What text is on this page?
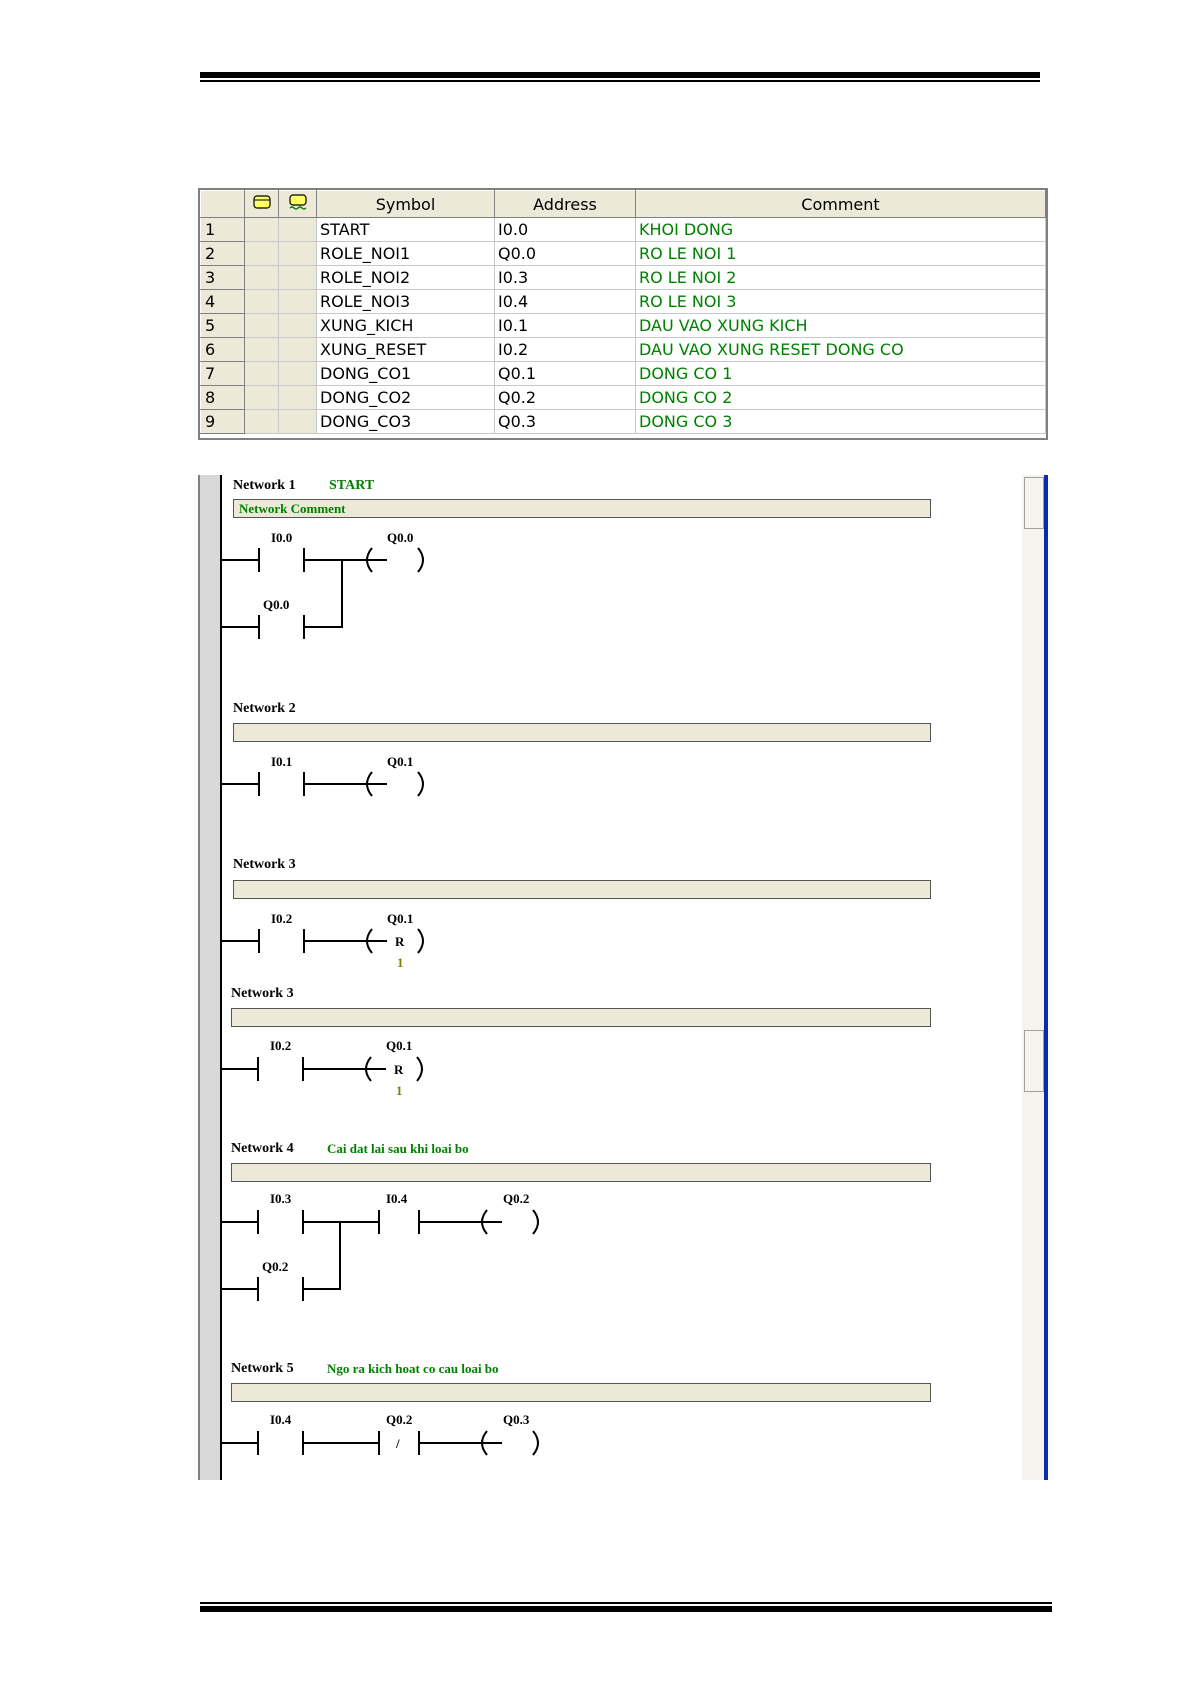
			Symbol	Address	Comment
1			START	I0.0	KHOI DONG
2			ROLE_NOI1	Q0.0	RO LE NOI 1
3			ROLE_NOI2	I0.3	RO LE NOI 2
4			ROLE_NOI3	I0.4	RO LE NOI 3
5			XUNG_KICH	I0.1	DAU VAO XUNG KICH
6			XUNG_RESET	I0.2	DAU VAO XUNG RESET DONG CO
7			DONG_CO1	Q0.1	DONG CO 1
8			DONG_CO2	Q0.2	DONG CO 2
9			DONG_CO3	Q0.3	DONG CO 3
Network 1 START
Network Comment
Network 2
Network 3
I0.0
Q0.0
Q0.0
I0.1	Q0.1
I0.2	Q0.1
R
1
Network 3
Network 4	Cai dat lai sau khi loai bo
Network 5	Ngo ra kich hoat co cau loai bo
I0.2	Q0.1
R
1
I0.3	I0.4	Q0.2
Q0.2
I0.4	Q0.2
/
Q0.3
